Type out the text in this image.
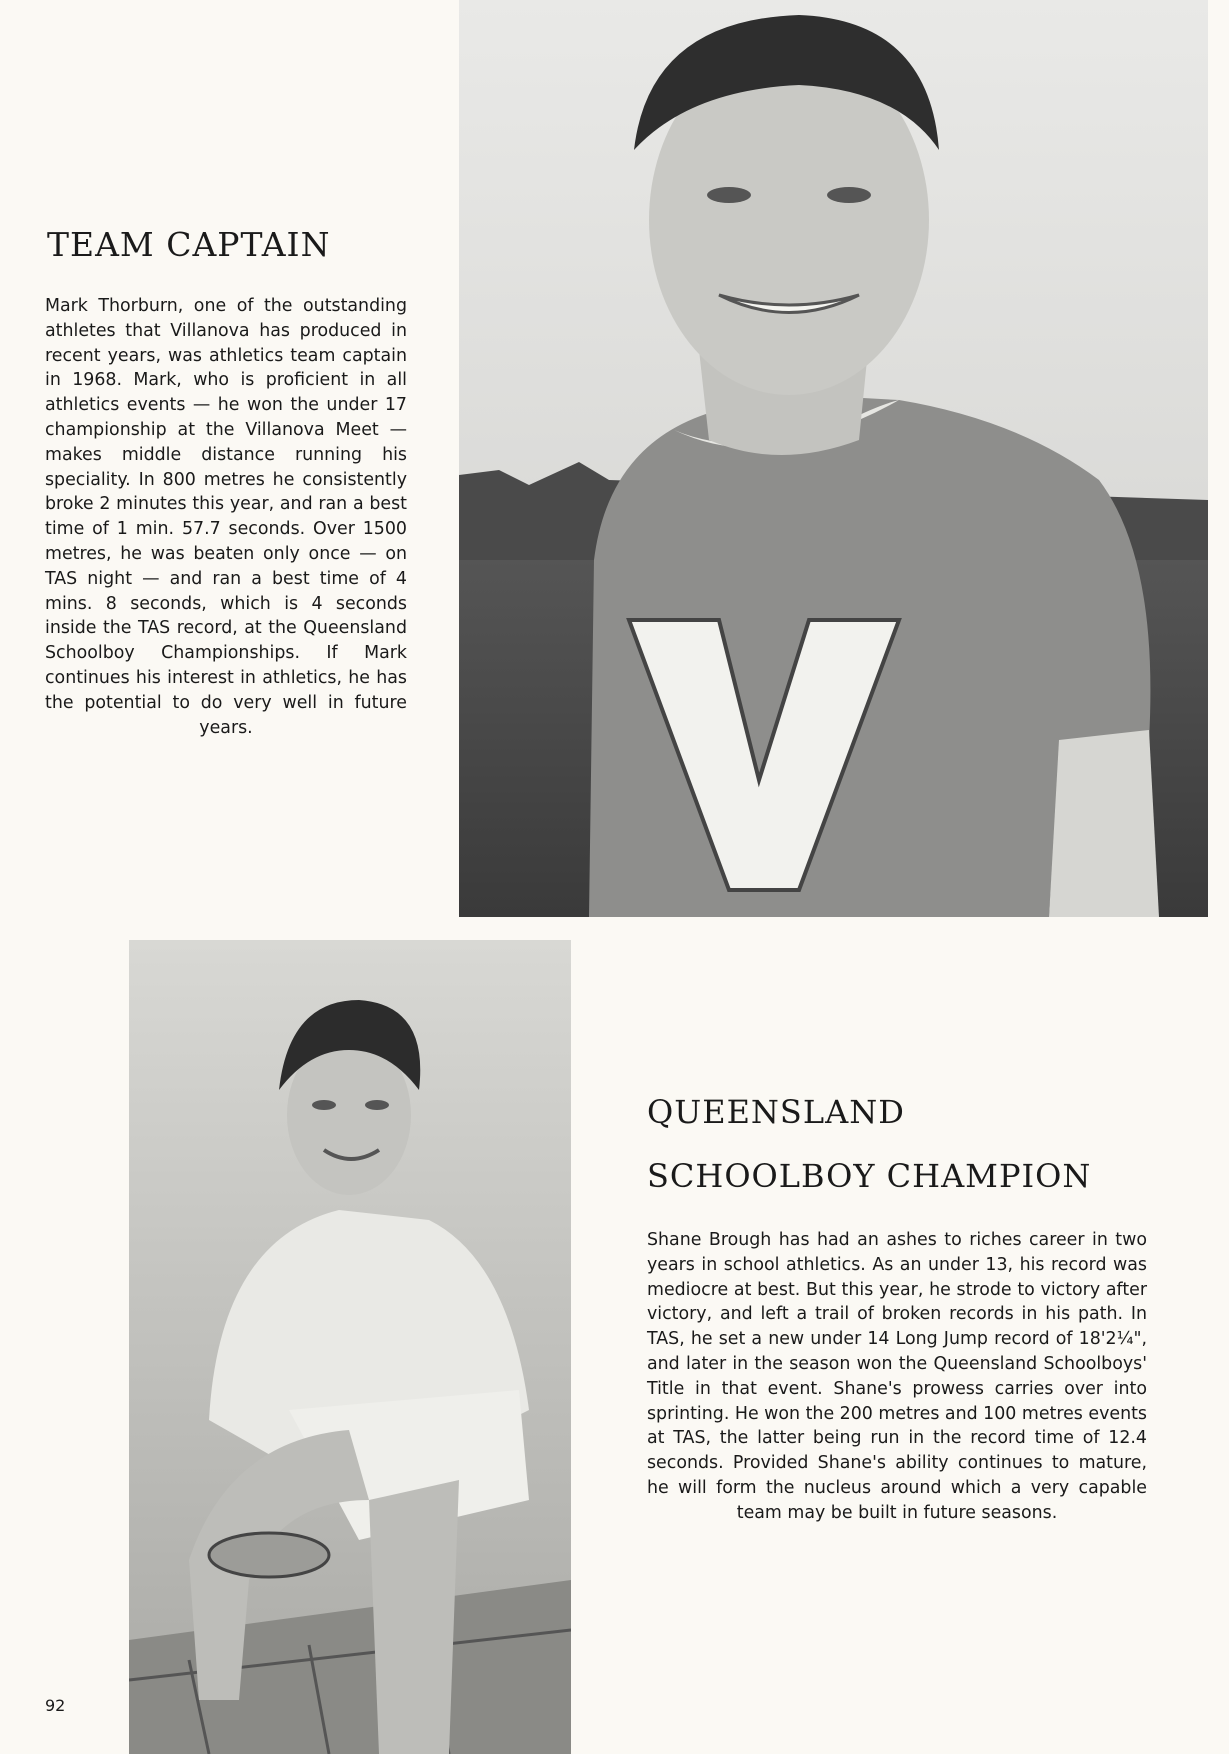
TEAM CAPTAIN

Mark Thorburn, one of the outstanding athletes that Villanova has produced in recent years, was athletics team captain in 1968. Mark, who is proficient in all athletics events — he won the under 17 championship at the Villanova Meet — makes middle distance running his speciality. In 800 metres he consistently broke 2 minutes this year, and ran a best time of 1 min. 57.7 seconds. Over 1500 metres, he was beaten only once — on TAS night — and ran a best time of 4 mins. 8 seconds, which is 4 seconds inside the TAS record, at the Queensland Schoolboy Championships. If Mark continues his interest in athletics, he has the potential to do very well in future years.

QUEENSLAND
SCHOOLBOY CHAMPION

Shane Brough has had an ashes to riches career in two years in school athletics. As an under 13, his record was mediocre at best. But this year, he strode to victory after victory, and left a trail of broken records in his path. In TAS, he set a new under 14 Long Jump record of 18'2¼", and later in the season won the Queensland Schoolboys' Title in that event. Shane's prowess carries over into sprinting. He won the 200 metres and 100 metres events at TAS, the latter being run in the record time of 12.4 seconds. Provided Shane's ability continues to mature, he will form the nucleus around which a very capable team may be built in future seasons.

92
